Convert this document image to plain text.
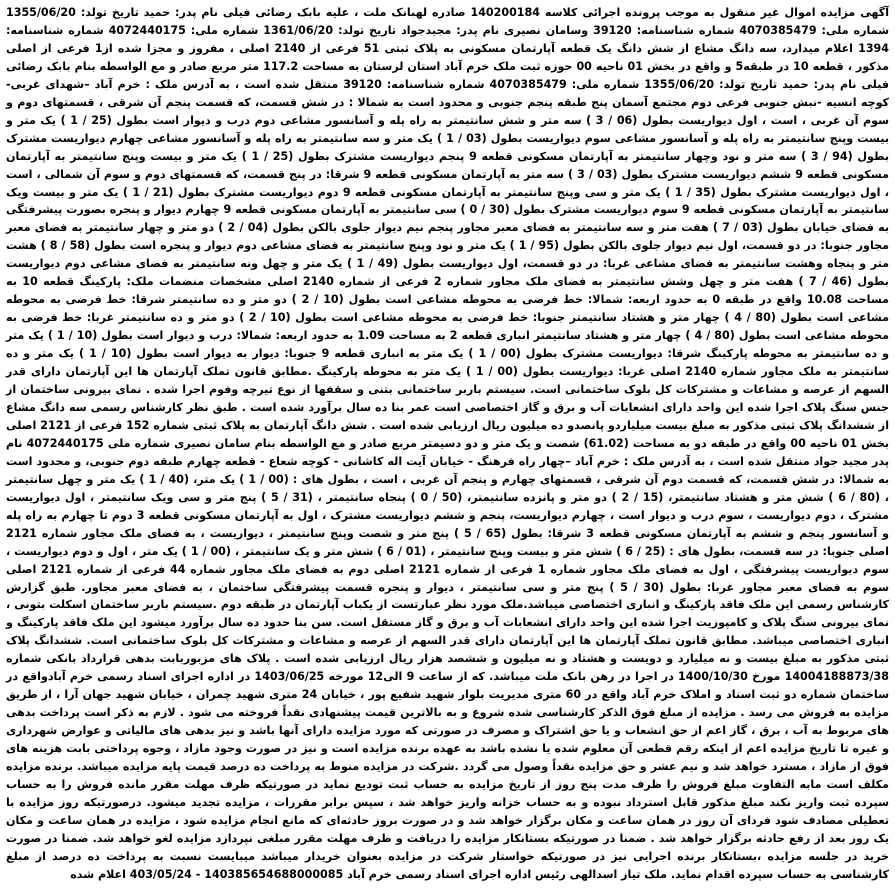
آگهی مزایده اموال غیر منقول به موجب پرونده اجرائی کلاسه 140200184 صادره لهبانک ملت ، علیه بابک رضائی فیلی نام پدر: حمید تاریخ تولد: 1355/06/20 شماره ملی: 4070385479 شماره شناسنامه: 39120 وسامان نصیری نام پدر: مجیدجواد تاریخ تولد: 1361/06/20 شماره ملی: 4072440175 شماره شناسنامه: 1394 اعلام میدارد، سه دانگ مشاع از شش دانگ یک قطعه آپارتمان مسکونی به پلاک ثبتی 51 فرعی از 2140 اصلی ، مفروز و مجزا شده از1 فرعی از اصلی مذکور ، قطعه 10 در طبقه5 و واقع در بخش 01 ناحیه 00 حوزه ثبت ملک خرم آباد استان لرستان به مساحت 117.2 متر مربع صادر و مع الواسطه بنام بابک رضائی فیلی نام پدر: حمید تاریخ تولد: 1355/06/20 شماره ملی: 4070385479 شماره شناسنامه: 39120 منتقل شده است ، به آدرس ملک : خرم آباد –شهدای غربی- کوچه انسیه -نبش جنوبی فرعی دوم مجتمع آسمان پنج طبقه پنجم جنوبی و محدود است به شمالا : در شش قسمت، که قسمت پنجم آن شرقی ، قسمتهای دوم و سوم آن غربی ، است ، اول دیواریست بطول (06 / 3 ) سه متر و شش سانتیمتر به راه پله و آسانسور مشاعی دوم درب و دیوار است بطول (25 / 1 ) یک متر و بیست وپنج سانتیمتر به راه پله و آسانسور مشاعی سوم دیواریست بطول (03 / 1 ) یک متر و سه سانتیمتر به راه پله و آسانسور مشاعی چهارم دیواریست مشترک بطول (94 / 3 ) سه متر و نود وچهار سانتیمتر به آپارتمان مسکونی قطعه 9 پنجم دیواریست مشترک بطول (25 / 1 ) یک متر و بیست وپنج سانتیمتر به آپارتمان مسکونی قطعه 9 ششم دیواریست مشترک بطول (03 / 3 ) سه متر به آپارتمان مسکونی قطعه 9 شرقا: در پنج قسمت، که قسمتهای دوم و سوم آن شمالی ، است ، اول دیواریست مشترک بطول (35 / 1 ) یک متر و سی وپنج سانتیمتر به آپارتمان مسکونی قطعه 9 دوم دیواریست مشترک بطول (21 / 1 ) یک متر و بیست ویک سانتیمتر به آپارتمان مسکونی قطعه 9 سوم دیواریست مشترک بطول (30 / 0 ) سی سانتیمتر به آپارتمان مسکونی قطعه 9 چهارم دیوار و پنجره بصورت پیشرفتگی به فضای خیابان بطول (03 / 7 ) هفت متر و سه سانتیمتر به فضای معبر مجاور پنجم نیم دیوار جلوی بالکن بطول (04 / 2 ) دو متر و چهار سانتیمتر به فضای معبر مجاور جنوبا: در دو قسمت، اول نیم دیوار جلوی بالکن بطول (95 / 1 ) یک متر و نود وپنج سانتیمتر به فضای مشاعی دوم دیوار و پنجره است بطول (58 / 8 ) هشت متر و پنجاه وهشت سانتیمتر به فضای مشاعی غربا: در دو قسمت، اول دیواریست بطول (49 / 1 ) یک متر و چهل ونه سانتیمتر به فضای مشاعی دوم دیواریست بطول (46 / 7 ) هفت متر و چهل وشش سانتیمتر به فضای ملک مجاور شماره 2 فرعی از شماره 2140 اصلی مشخصات منضمات ملک: پارکینگ قطعه 10 به مساحت 10.08 واقع در طبقه 0 به حدود اربعه: شمالا: خط فرضی به محوطه مشاعی است بطول (10 / 2 ) دو متر و ده سانتیمتر شرقا: خط فرضی به محوطه مشاعی است بطول (80 / 4 ) چهار متر و هشتاد سانتیمتر جنوبا: خط فرضی به محوطه مشاعی است بطول (10 / 2 ) دو متر و ده سانتیمتر غربا: خط فرضی به محوطه مشاعی است بطول (80 / 4 ) چهار متر و هشتاد سانتیمتر انباری قطعه 2 به مساحت 1.09 به حدود اربعه: شمالا: درب و دیوار است بطول (10 / 1 ) یک متر و ده سانتیمتر به محوطه پارکینگ شرقا: دیواریست مشترک بطول (00 / 1 ) یک متر به انباری قطعه 9 جنوبا: دیوار به دیوار است بطول (10 / 1 ) یک متر و ده سانتیمتر به ملک مجاور شماره 2140 اصلی غربا: دیواریست بطول (00 / 1 ) یک متر به محوطه پارکینگ .مطابق قانون تملک آپارتمان ها این آپارتمان دارای قدر السهم از عرصه و مشاعات و مشترکات کل بلوک ساختمانی است. سیستم باربر ساختمانی بتنی و سقفها از نوع تیرچه وفوم اجرا شده . نمای بیرونی ساختمان از جنس سنگ پلاک اجرا شده این واحد دارای انشعابات آب و برق و گاز اختصاصی است عمر بنا ده سال برآورد شده است . طبق نظر کارشناس رسمی سه دانگ مشاع از ششدانگ پلاک ثبتی مذکور به مبلغ بیست میلیاردو پانصدو ده میلیون ریال ارزیابی شده است . شش دانگ آپارتمان به پلاک ثبتی شماره 152 فرعی از 2121 اصلی بخش 01 ناحیه 00 واقع در طبقه دو به مساحت (61.02) شصت و یک متر و دو دسیمتر مربع صادر و مع الواسطه بنام سامان نصیری شماره ملی 4072440175 نام پدر مجید جواد منتقل شده است ، به آدرس ملک : خرم آباد –چهار راه فرهنگ - خیابان آیت اله کاشانی - کوچه شعاع - قطعه چهارم طبقه دوم جنوبی، و محدود است به شمالا: در شش قسمت، که قسمت دوم آن شرقی ، قسمتهای چهارم و پنجم آن غربی ، است ، بطول های : (00 / 1 ) یک متر، (40 / 1 ) یک متر و چهل سانتیمتر ، (80 / 6 ) شش متر و هشتاد سانتیمتر، (15 / 2 ) دو متر و پانزده سانتیمتر، (50 / 0 ) پنجاه سانتیمتر ، (31 / 5 ) پنج متر و سی ویک سانتیمتر ، اول دیواریست مشترک ، دوم دیواریست ، سوم درب و دیوار است ، چهارم دیواریست، پنجم و ششم دیواریست مشترک ، اول به آپارتمان مسکونی قطعه 3 دوم تا چهارم به راه پله و آسانسور پنجم و ششم به آپارتمان مسکونی قطعه 3 شرقا: بطول (65 / 5 ) پنج متر و شصت وپنج سانتیمتر ، دیواریست ، به فضای ملک مجاور شماره 2121 اصلی جنوبا: در سه قسمت، بطول های : (25 / 6 ) شش متر و بیست وپنج سانتیمتر ، (01 / 6 ) شش متر و یک سانتیمتر ، (00 / 1 ) یک متر ، اول و دوم دیواریست ، سوم دیواریست پیشرفتگی ، اول به فضای ملک مجاور شماره 1 فرعی از شماره 2121 اصلی دوم به فضای ملک مجاور شماره 44 فرعی از شماره 2121 اصلی سوم به فضای معبر مجاور غربا: بطول (30 / 5 ) پنج متر و سی سانتیمتر ، دیوار و پنجره قسمت پیشرفتگی ساختمان ، به فضای معبر مجاور. طبق گزارش کارشناس رسمی این ملک فاقد پارکینگ و انباری اختصاصی میباشد.ملک مورد نظر عبارتست از یکباب آپارتمان در طبقه دوم .سیستم باربر ساختمان اسکلت بتونی ، نمای بیرونی سنگ پلاک و کامپوزیت اجرا شده این واحد دارای انشعابات آب و برق و گاز مستقل است. سن بنا حدود ده سال برآورد میشود این ملک فاقد پارکینگ و انباری اختصاصی میباشد. مطابق قانون تملک آپارتمان ها این آپارتمان دارای قدر السهم از عرصه و مشاعات و مشترکات کل بلوک ساختمانی است. ششدانگ پلاک ثبتی مذکور به مبلغ بیست و نه میلیارد و دویست و هشتاد و نه میلیون و ششصد هزار ریال ارزیابی شده است . پلاک های مزبوربابت بدهی قرارداد بانکی شماره 14004188873/38 مورخ 1400/10/30 در اجرا در رهن بانک ملت میباشد. که از ساعت 9 الی12 مورخه 1403/06/25 در اداره اجرای اسناد رسمی خرم آبادواقع در ساختمان شماره دو ثبت اسناد و املاک خرم آباد واقع در 60 متری مدیریت بلوار شهید شفیع پور ، خیابان 24 متری شهید چمران ، خیابان شهید جهان آرا ، از طریق مزایده به فروش می رسد . مزایده از مبلغ فوق الذکر کارشناسی شده شروع و به بالاترین قیمت پیشنهادی نقداً فروخته می شود . لازم به ذکر است پرداخت بدهی های مربوط به آب ، برق ، گاز اعم از حق انشعاب و یا حق اشتراک و مصرف در صورتی که مورد مزایده دارای آنها باشد و نیز بدهی های مالیاتی و عوارض شهرداری و غیره تا تاریخ مزایده اعم از اینکه رقم قطعی آن معلوم شده یا نشده باشد به عهده برنده مزایده است و نیز در صورت وجود مازاد ، وجوه پرداختی بابت هزینه های فوق از مازاد ، مسترد خواهد شد و نیم عشر و حق مزایده نقداً وصول می گردد .شرکت در مزایده منوط به پرداخت ده درصد قیمت پایه مزایده میباشد. برنده مزایده مکلف است مابه التفاوت مبلغ فروش را ظرف مدت پنج روز از تاریخ مزایده به حساب ثبت تودیع نماید در صورتیکه ظرف مهلت مقرر مانده فروش را به حساب سپرده ثبت واریز نکند مبلغ مذکور قابل استرداد نبوده و به حساب خزانه واریز خواهد شد ، سپس برابر مقررات ، مزایده تجدید میشود. درصورتیکه روز مزایده با تعطیلی مصادف شود فردای آن روز در همان ساعت و مکان برگزار خواهد شد و در صورت بروز حادثه‌ای که مانع انجام مزایده شود ، مزایده در همان ساعت و مکان یک روز بعد از رفع حادثه برگزار خواهد شد . ضمنا در صورتیکه بستانکار مزایده را دریافت و ظرف مهلت مقرر مبلغی نپردازد مزایده لغو خواهد شد. ضمنا در صورت خرید در جلسه مزایده ،بستانکار برنده اجرایی نیز در صورتیکه خواستار شرکت در مزایده بعنوان خریدار میباشد میبایست نسبت به پرداخت ده درصد از مبلغ کارشناسی به حساب سپرده اقدام نماید. ملک تیاز اسدالهی رئیس اداره اجرای اسناد رسمی خرم آباد 140385654688000085 - 403/05/24 اعلام شده
